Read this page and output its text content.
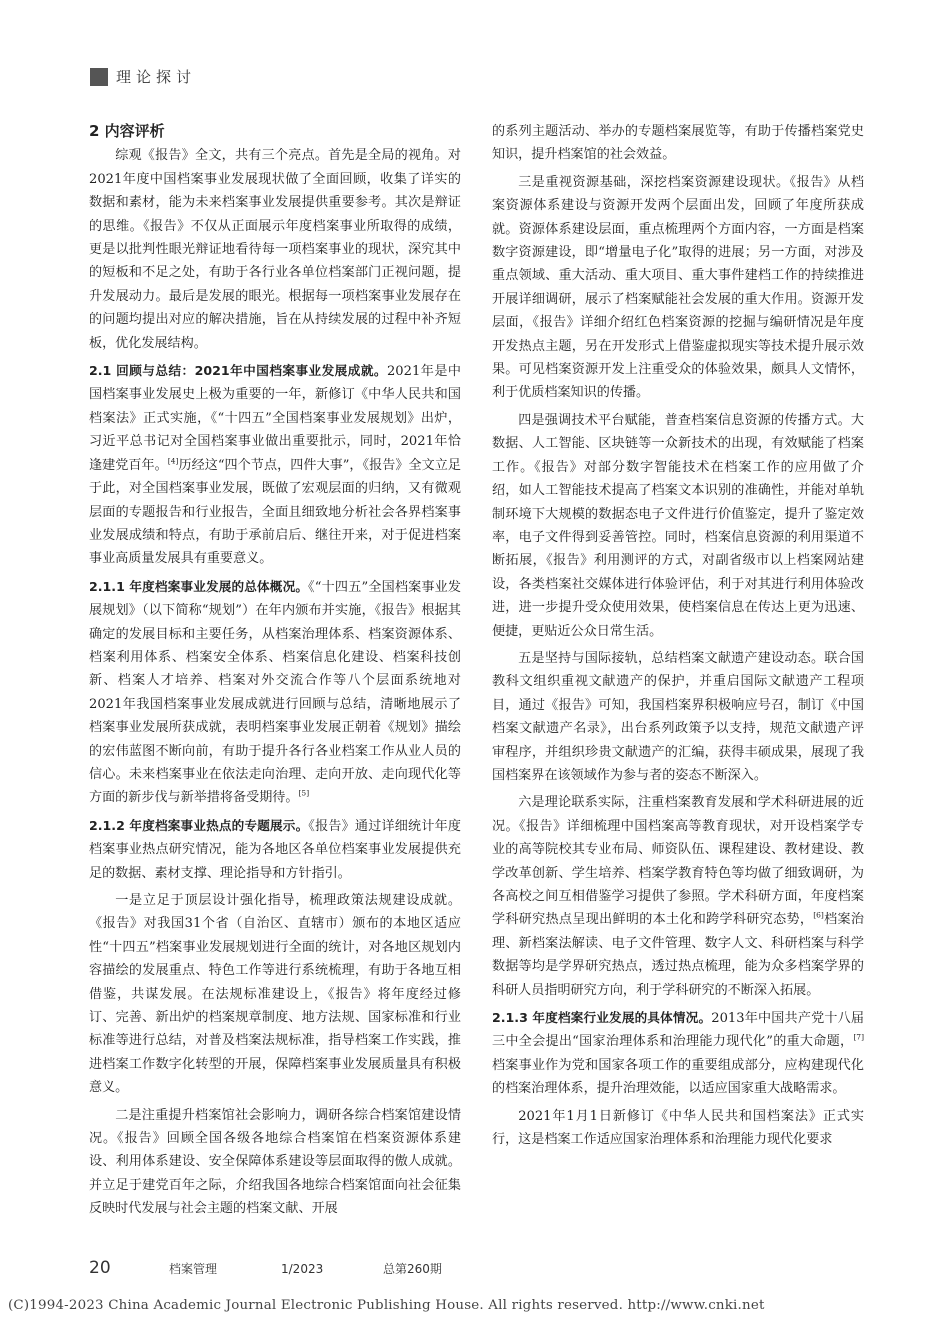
理论探讨
2 内容评析

综观《报告》全文，共有三个亮点。首先是全局的视角。对2021年度中国档案事业发展现状做了全面回顾，收集了详实的数据和素材，能为未来档案事业发展提供重要参考。其次是辩证的思维。《报告》不仅从正面展示年度档案事业所取得的成绩，更是以批判性眼光辩证地看待每一项档案事业的现状，深究其中的短板和不足之处，有助于各行业各单位档案部门正视问题，提升发展动力。最后是发展的眼光。根据每一项档案事业发展存在的问题均提出对应的解决措施，旨在从持续发展的过程中补齐短板，优化发展结构。

2.1 回顾与总结：2021年中国档案事业发展成就。2021年是中国档案事业发展史上极为重要的一年，新修订《中华人民共和国档案法》正式实施，《“十四五”全国档案事业发展规划》出炉，习近平总书记对全国档案事业做出重要批示，同时，2021年恰逢建党百年。[4]历经这“四个节点，四件大事”，《报告》全文立足于此，对全国档案事业发展，既做了宏观层面的归纳，又有微观层面的专题报告和行业报告，全面且细致地分析社会各界档案事业发展成绩和特点，有助于承前启后、继往开来，对于促进档案事业高质量发展具有重要意义。

2.1.1 年度档案事业发展的总体概况。《“十四五”全国档案事业发展规划》（以下简称“规划”）在年内颁布并实施，《报告》根据其确定的发展目标和主要任务，从档案治理体系、档案资源体系、档案利用体系、档案安全体系、档案信息化建设、档案科技创新、档案人才培养、档案对外交流合作等八个层面系统地对2021年我国档案事业发展成就进行回顾与总结，清晰地展示了档案事业发展所获成就，表明档案事业发展正朝着《规划》描绘的宏伟蓝图不断向前，有助于提升各行各业档案工作从业人员的信心。未来档案事业在依法走向治理、走向开放、走向现代化等方面的新步伐与新举措将备受期待。[5]

2.1.2 年度档案事业热点的专题展示。《报告》通过详细统计年度档案事业热点研究情况，能为各地区各单位档案事业发展提供充足的数据、素材支撑、理论指导和方针指引。

一是立足于顶层设计强化指导，梳理政策法规建设成就。《报告》对我国31个省（自治区、直辖市）颁布的本地区适应性“十四五”档案事业发展规划进行全面的统计，对各地区规划内容描绘的发展重点、特色工作等进行系统梳理，有助于各地互相借鉴，共谋发展。在法规标准建设上，《报告》将年度经过修订、完善、新出炉的档案规章制度、地方法规、国家标准和行业标准等进行总结，对普及档案法规标准，指导档案工作实践，推进档案工作数字化转型的开展，保障档案事业发展质量具有积极意义。

二是注重提升档案馆社会影响力，调研各综合档案馆建设情况。《报告》回顾全国各级各地综合档案馆在档案资源体系建设、利用体系建设、安全保障体系建设等层面取得的傲人成就。并立足于建党百年之际，介绍我国各地综合档案馆面向社会征集反映时代发展与社会主题的档案文献、开展

的系列主题活动、举办的专题档案展览等，有助于传播档案党史知识，提升档案馆的社会效益。

三是重视资源基础，深挖档案资源建设现状。《报告》从档案资源体系建设与资源开发两个层面出发，回顾了年度所获成就。资源体系建设层面，重点梳理两个方面内容，一方面是档案数字资源建设，即“增量电子化”取得的进展；另一方面，对涉及重点领域、重大活动、重大项目、重大事件建档工作的持续推进开展详细调研，展示了档案赋能社会发展的重大作用。资源开发层面，《报告》详细介绍红色档案资源的挖掘与编研情况是年度开发热点主题，另在开发形式上借鉴虚拟现实等技术提升展示效果。可见档案资源开发上注重受众的体验效果，颇具人文情怀，利于优质档案知识的传播。

四是强调技术平台赋能，普查档案信息资源的传播方式。大数据、人工智能、区块链等一众新技术的出现，有效赋能了档案工作。《报告》对部分数字智能技术在档案工作的应用做了介绍，如人工智能技术提高了档案文本识别的准确性，并能对单轨制环境下大规模的数据态电子文件进行价值鉴定，提升了鉴定效率，电子文件得到妥善管控。同时，档案信息资源的利用渠道不断拓展，《报告》利用测评的方式，对副省级市以上档案网站建设，各类档案社交媒体进行体验评估，利于对其进行利用体验改进，进一步提升受众使用效果，使档案信息在传达上更为迅速、便捷，更贴近公众日常生活。

五是坚持与国际接轨，总结档案文献遗产建设动态。联合国教科文组织重视文献遗产的保护，并重启国际文献遗产工程项目，通过《报告》可知，我国档案界积极响应号召，制订《中国档案文献遗产名录》，出台系列政策予以支持，规范文献遗产评审程序，并组织珍贵文献遗产的汇编，获得丰硕成果，展现了我国档案界在该领域作为参与者的姿态不断深入。

六是理论联系实际，注重档案教育发展和学术科研进展的近况。《报告》详细梳理中国档案高等教育现状，对开设档案学专业的高等院校其专业布局、师资队伍、课程建设、教材建设、教学改革创新、学生培养、档案学教育特色等均做了细致调研，为各高校之间互相借鉴学习提供了参照。学术科研方面，年度档案学科研究热点呈现出鲜明的本土化和跨学科研究态势，[6]档案治理、新档案法解读、电子文件管理、数字人文、科研档案与科学数据等均是学界研究热点，透过热点梳理，能为众多档案学界的科研人员指明研究方向，利于学科研究的不断深入拓展。

2.1.3 年度档案行业发展的具体情况。2013年中国共产党十八届三中全会提出“国家治理体系和治理能力现代化”的重大命题，[7]档案事业作为党和国家各项工作的重要组成部分，应构建现代化的档案治理体系，提升治理效能，以适应国家重大战略需求。

2021年1月1日新修订《中华人民共和国档案法》正式实行，这是档案工作适应国家治理体系和治理能力现代化要求

20	档案管理	1/2023	总第260期
(C)1994-2023 China Academic Journal Electronic Publishing House. All rights reserved. http://www.cnki.net
